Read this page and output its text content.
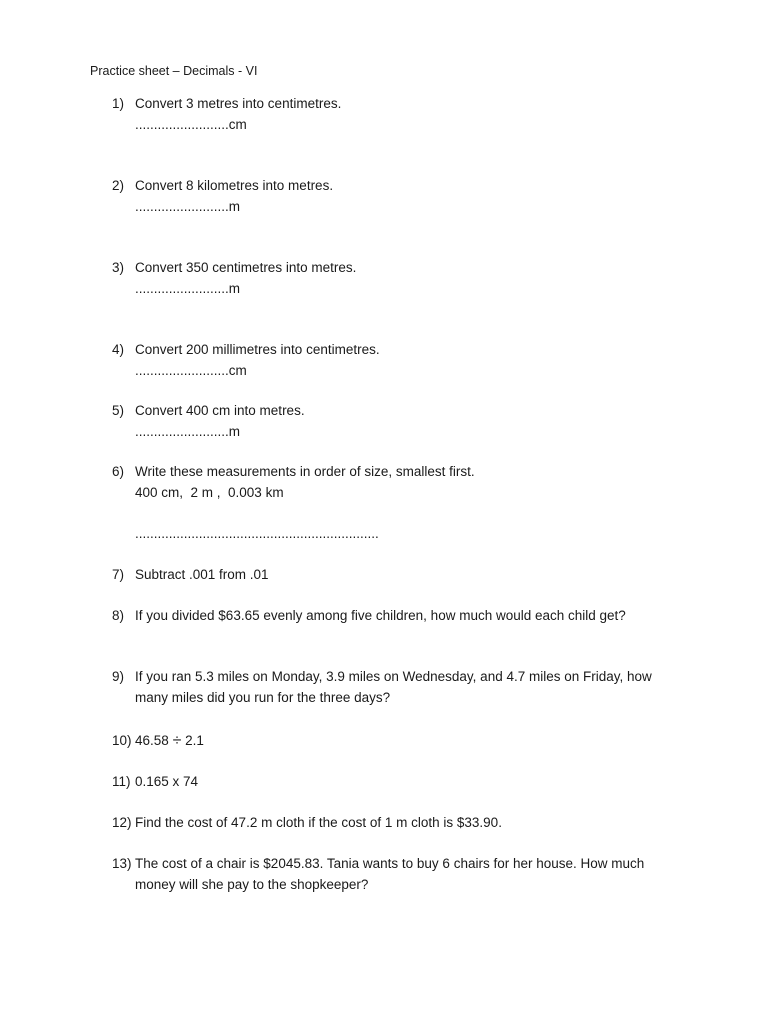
Practice sheet – Decimals - VI
1) Convert 3 metres into centimetres.
.........................cm
2) Convert 8 kilometres into metres.
.........................m
3) Convert 350 centimetres into metres.
.........................m
4) Convert 200 millimetres into centimetres.
.........................cm
5) Convert 400 cm into metres.
.........................m
6) Write these measurements in order of size, smallest first.
400 cm,  2 m ,  0.003 km
.................................................................
7) Subtract .001 from .01
8) If you divided $63.65 evenly among five children, how much would each child get?
9) If you ran 5.3 miles on Monday, 3.9 miles on Wednesday, and 4.7 miles on Friday, how many miles did you run for the three days?
10) 46.58 ÷ 2.1
11) 0.165 x 74
12) Find the cost of 47.2 m cloth if the cost of 1 m cloth is $33.90.
13) The cost of a chair is $2045.83. Tania wants to buy 6 chairs for her house. How much money will she pay to the shopkeeper?
